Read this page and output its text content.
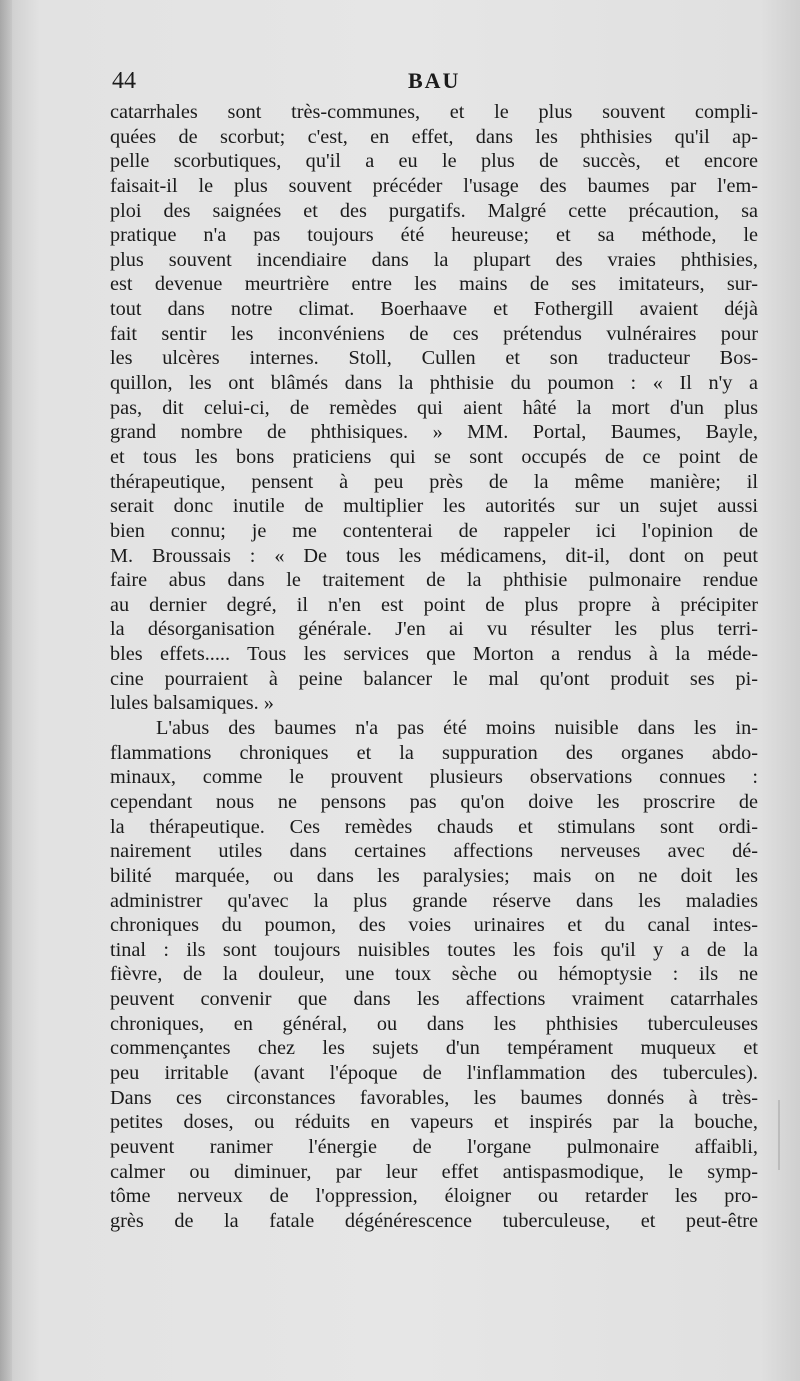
44	BAU
catarrhales sont très-communes, et le plus souvent compli-
quées de scorbut; c'est, en effet, dans les phthisies qu'il ap-
pelle scorbutiques, qu'il a eu le plus de succès, et encore
faisait-il le plus souvent précéder l'usage des baumes par l'em-
ploi des saignées et des purgatifs. Malgré cette précaution, sa
pratique n'a pas toujours été heureuse; et sa méthode, le
plus souvent incendiaire dans la plupart des vraies phthisies,
est devenue meurtrière entre les mains de ses imitateurs, sur-
tout dans notre climat. Boerhaave et Fothergill avaient déjà
fait sentir les inconvéniens de ces prétendus vulnéraires pour
les ulcères internes. Stoll, Cullen et son traducteur Bos-
quillon, les ont blâmés dans la phthisie du poumon : « Il n'y a
pas, dit celui-ci, de remèdes qui aient hâté la mort d'un plus
grand nombre de phthisiques. » MM. Portal, Baumes, Bayle,
et tous les bons praticiens qui se sont occupés de ce point de
thérapeutique, pensent à peu près de la même manière; il
serait donc inutile de multiplier les autorités sur un sujet aussi
bien connu; je me contenterai de rappeler ici l'opinion de
M. Broussais : « De tous les médicamens, dit-il, dont on peut
faire abus dans le traitement de la phthisie pulmonaire rendue
au dernier degré, il n'en est point de plus propre à précipiter
la désorganisation générale. J'en ai vu résulter les plus terri-
bles effets..... Tous les services que Morton a rendus à la méde-
cine pourraient à peine balancer le mal qu'ont produit ses pi-
lules balsamiques. »
L'abus des baumes n'a pas été moins nuisible dans les in-
flammations chroniques et la suppuration des organes abdo-
minaux, comme le prouvent plusieurs observations connues :
cependant nous ne pensons pas qu'on doive les proscrire de
la thérapeutique. Ces remèdes chauds et stimulans sont ordi-
nairement utiles dans certaines affections nerveuses avec dé-
bilité marquée, ou dans les paralysies; mais on ne doit les
administrer qu'avec la plus grande réserve dans les maladies
chroniques du poumon, des voies urinaires et du canal intes-
tinal : ils sont toujours nuisibles toutes les fois qu'il y a de la
fièvre, de la douleur, une toux sèche ou hémoptysie : ils ne
peuvent convenir que dans les affections vraiment catarrhales
chroniques, en général, ou dans les phthisies tuberculeuses
commençantes chez les sujets d'un tempérament muqueux et
peu irritable (avant l'époque de l'inflammation des tubercules).
Dans ces circonstances favorables, les baumes donnés à très-
petites doses, ou réduits en vapeurs et inspirés par la bouche,
peuvent ranimer l'énergie de l'organe pulmonaire affaibli,
calmer ou diminuer, par leur effet antispasmodique, le symp-
tôme nerveux de l'oppression, éloigner ou retarder les pro-
grès de la fatale dégénérescence tuberculeuse, et peut-être
